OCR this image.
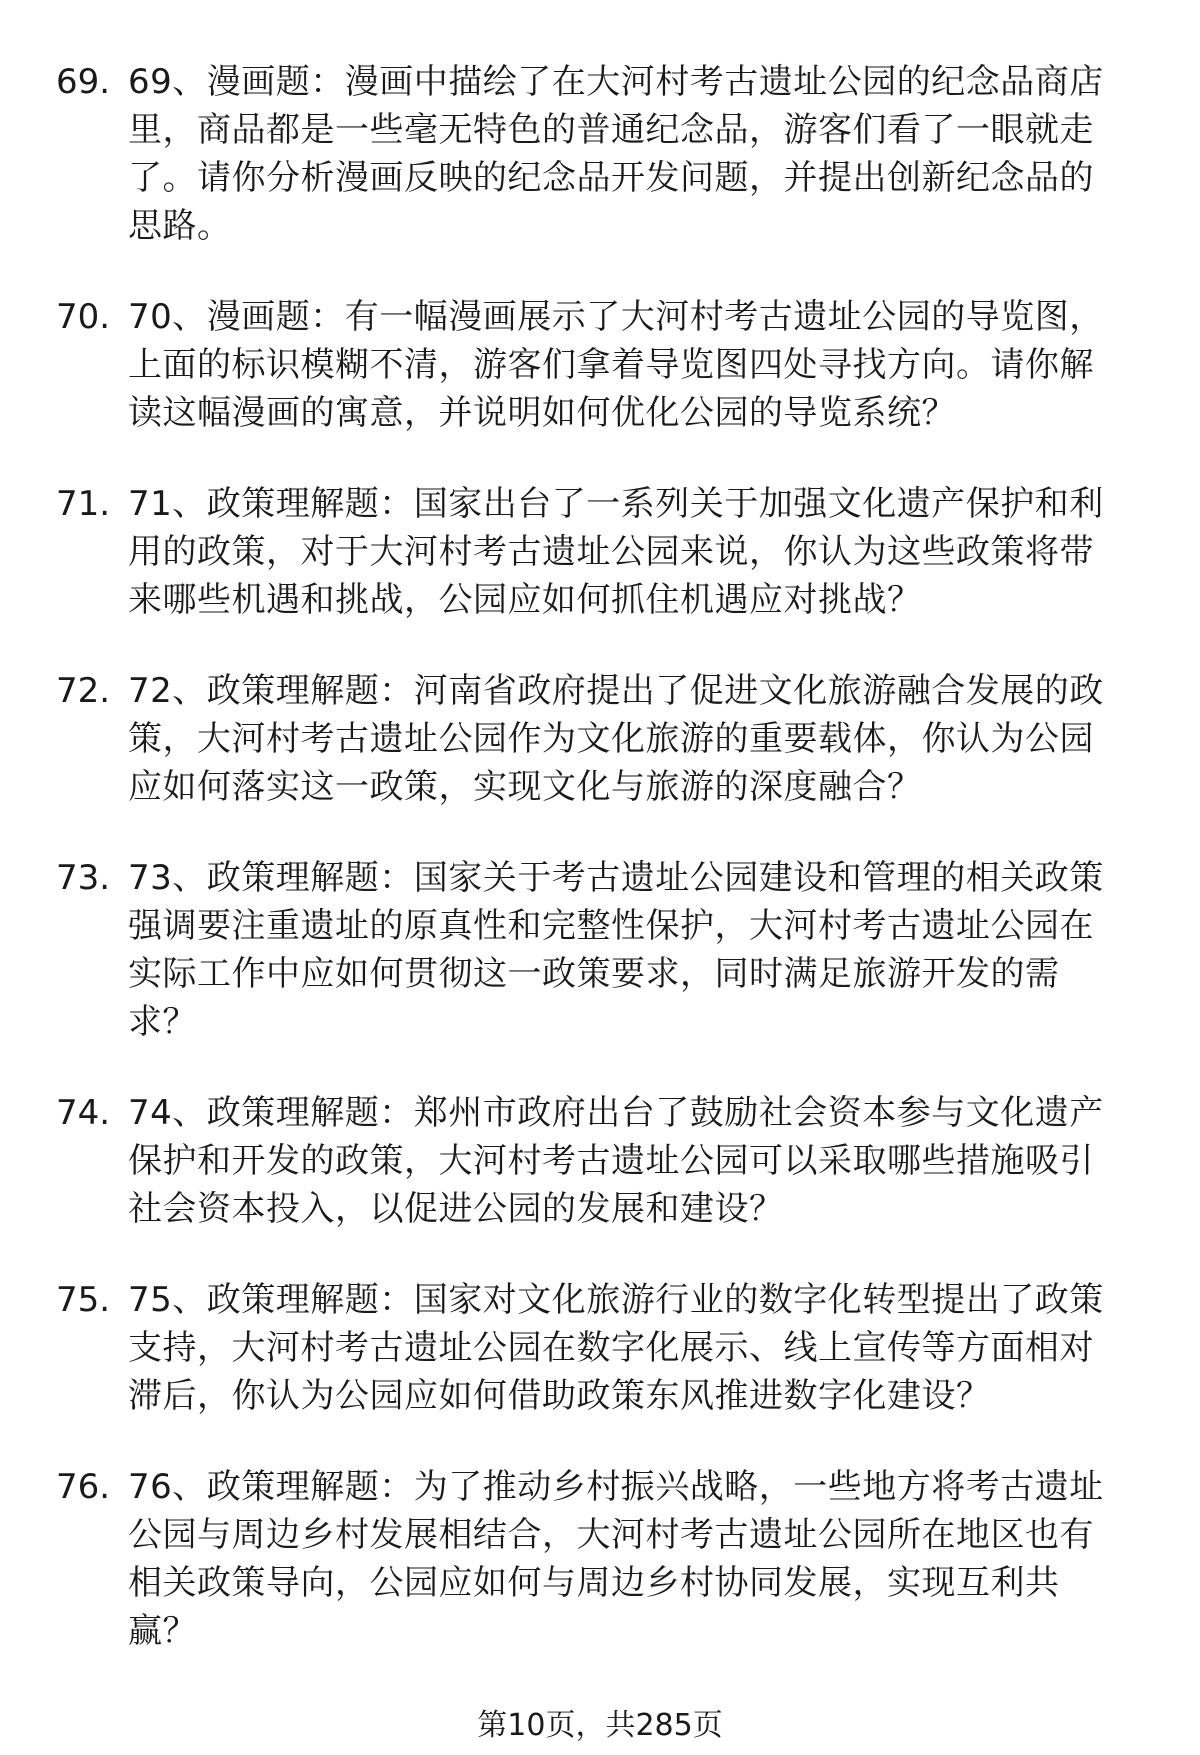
69. 69、漫画题：漫画中描绘了在大河村考古遗址公园的纪念品商店里，商品都是一些毫无特色的普通纪念品，游客们看了一眼就走了。请你分析漫画反映的纪念品开发问题，并提出创新纪念品的思路。
70. 70、漫画题：有一幅漫画展示了大河村考古遗址公园的导览图，上面的标识模糊不清，游客们拿着导览图四处寻找方向。请你解读这幅漫画的寓意，并说明如何优化公园的导览系统？
71. 71、政策理解题：国家出台了一系列关于加强文化遗产保护和利用的政策，对于大河村考古遗址公园来说，你认为这些政策将带来哪些机遇和挑战，公园应如何抓住机遇应对挑战？
72. 72、政策理解题：河南省政府提出了促进文化旅游融合发展的政策，大河村考古遗址公园作为文化旅游的重要载体，你认为公园应如何落实这一政策，实现文化与旅游的深度融合？
73. 73、政策理解题：国家关于考古遗址公园建设和管理的相关政策强调要注重遗址的原真性和完整性保护，大河村考古遗址公园在实际工作中应如何贯彻这一政策要求，同时满足旅游开发的需求？
74. 74、政策理解题：郑州市政府出台了鼓励社会资本参与文化遗产保护和开发的政策，大河村考古遗址公园可以采取哪些措施吸引社会资本投入，以促进公园的发展和建设？
75. 75、政策理解题：国家对文化旅游行业的数字化转型提出了政策支持，大河村考古遗址公园在数字化展示、线上宣传等方面相对滞后，你认为公园应如何借助政策东风推进数字化建设？
76. 76、政策理解题：为了推动乡村振兴战略，一些地方将考古遗址公园与周边乡村发展相结合，大河村考古遗址公园所在地区也有相关政策导向，公园应如何与周边乡村协同发展，实现互利共赢？
第10页，共285页
